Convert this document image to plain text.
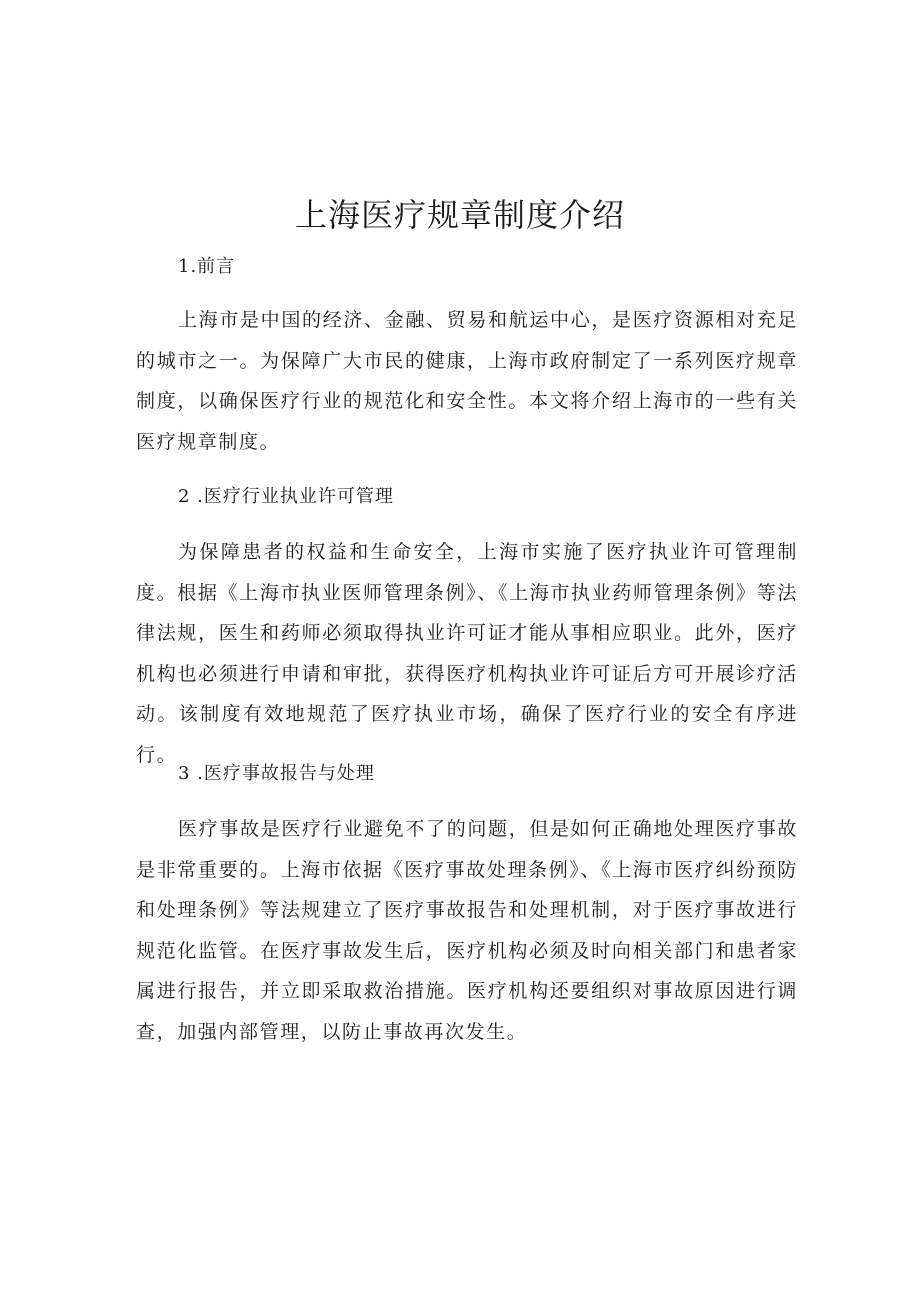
上海医疗规章制度介绍

1.前言

上海市是中国的经济、金融、贸易和航运中心，是医疗资源相对充足的城市之一。为保障广大市民的健康，上海市政府制定了一系列医疗规章制度，以确保医疗行业的规范化和安全性。本文将介绍上海市的一些有关医疗规章制度。

2 .医疗行业执业许可管理

为保障患者的权益和生命安全，上海市实施了医疗执业许可管理制度。根据《上海市执业医师管理条例》、《上海市执业药师管理条例》等法律法规，医生和药师必须取得执业许可证才能从事相应职业。此外，医疗机构也必须进行申请和审批，获得医疗机构执业许可证后方可开展诊疗活动。该制度有效地规范了医疗执业市场，确保了医疗行业的安全有序进行。

3 .医疗事故报告与处理

医疗事故是医疗行业避免不了的问题，但是如何正确地处理医疗事故是非常重要的。上海市依据《医疗事故处理条例》、《上海市医疗纠纷预防和处理条例》等法规建立了医疗事故报告和处理机制，对于医疗事故进行规范化监管。在医疗事故发生后，医疗机构必须及时向相关部门和患者家属进行报告，并立即采取救治措施。医疗机构还要组织对事故原因进行调查，加强内部管理，以防止事故再次发生。
